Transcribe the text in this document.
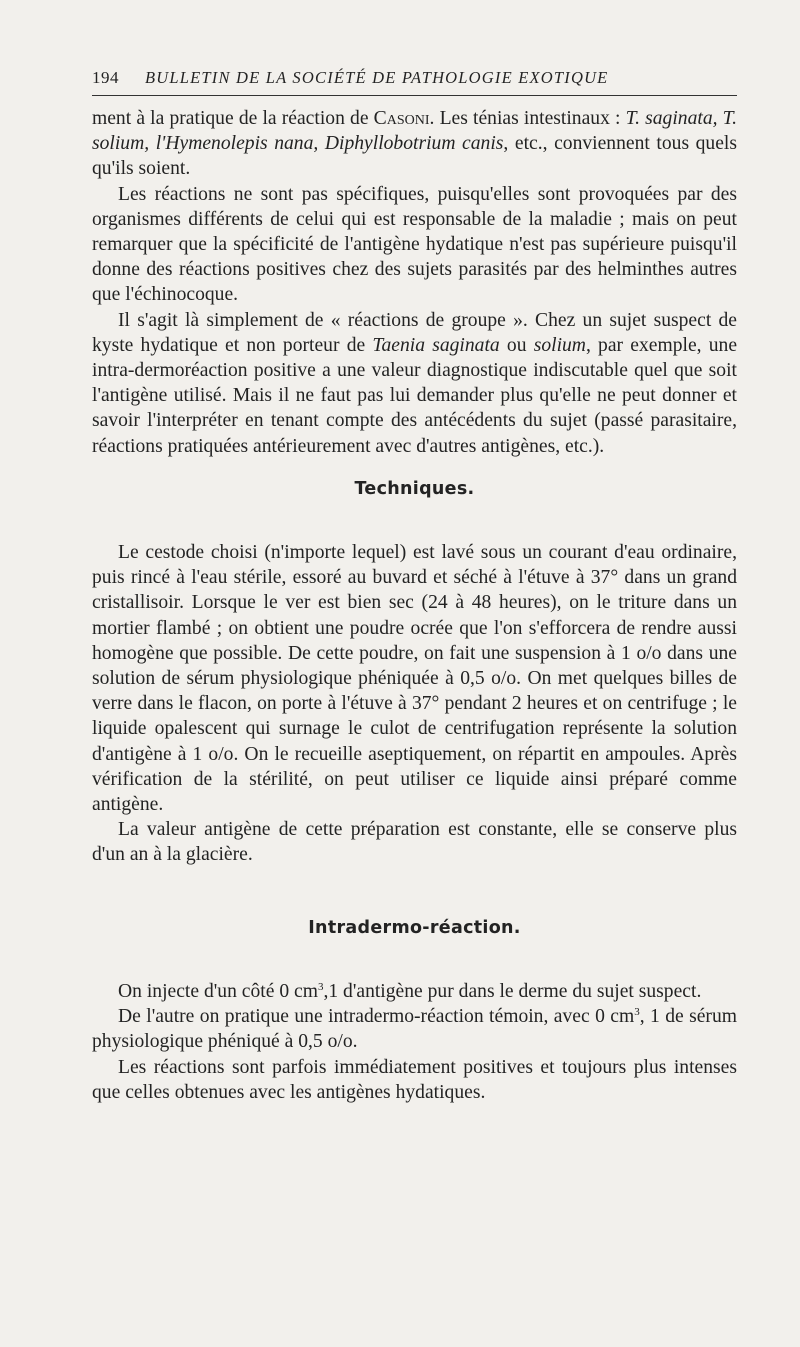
194 BULLETIN DE LA SOCIÉTÉ DE PATHOLOGIE EXOTIQUE

ment à la pratique de la réaction de Casoni. Les ténias intestinaux : T. saginata, T. solium, l'Hymenolepis nana, Diphyllobotrium canis, etc., conviennent tous quels qu'ils soient.

Les réactions ne sont pas spécifiques, puisqu'elles sont provoquées par des organismes différents de celui qui est responsable de la maladie ; mais on peut remarquer que la spécificité de l'antigène hydatique n'est pas supérieure puisqu'il donne des réactions positives chez des sujets parasités par des helminthes autres que l'échinocoque.

Il s'agit là simplement de « réactions de groupe ». Chez un sujet suspect de kyste hydatique et non porteur de Taenia saginata ou solium, par exemple, une intra-dermoréaction positive a une valeur diagnostique indiscutable quel que soit l'antigène utilisé. Mais il ne faut pas lui demander plus qu'elle ne peut donner et savoir l'interpréter en tenant compte des antécédents du sujet (passé parasitaire, réactions pratiquées antérieurement avec d'autres antigènes, etc.).

Techniques.

Le cestode choisi (n'importe lequel) est lavé sous un courant d'eau ordinaire, puis rincé à l'eau stérile, essoré au buvard et séché à l'étuve à 37° dans un grand cristallisoir. Lorsque le ver est bien sec (24 à 48 heures), on le triture dans un mortier flambé ; on obtient une poudre ocrée que l'on s'efforcera de rendre aussi homogène que possible. De cette poudre, on fait une suspension à 1 o/o dans une solution de sérum physiologique phéniquée à 0,5 o/o. On met quelques billes de verre dans le flacon, on porte à l'étuve à 37° pendant 2 heures et on centrifuge ; le liquide opalescent qui surnage le culot de centrifugation représente la solution d'antigène à 1 o/o. On le recueille aseptiquement, on répartit en ampoules. Après vérification de la stérilité, on peut utiliser ce liquide ainsi préparé comme antigène.

La valeur antigène de cette préparation est constante, elle se conserve plus d'un an à la glacière.

Intradermo-réaction.

On injecte d'un côté 0 $cm^3,1$ d'antigène pur dans le derme du sujet suspect.

De l'autre on pratique une intradermo-réaction témoin, avec 0 $cm^3$, 1 de sérum physiologique phéniqué à 0,5 o/o.

Les réactions sont parfois immédiatement positives et toujours plus intenses que celles obtenues avec les antigènes hydatiques.
